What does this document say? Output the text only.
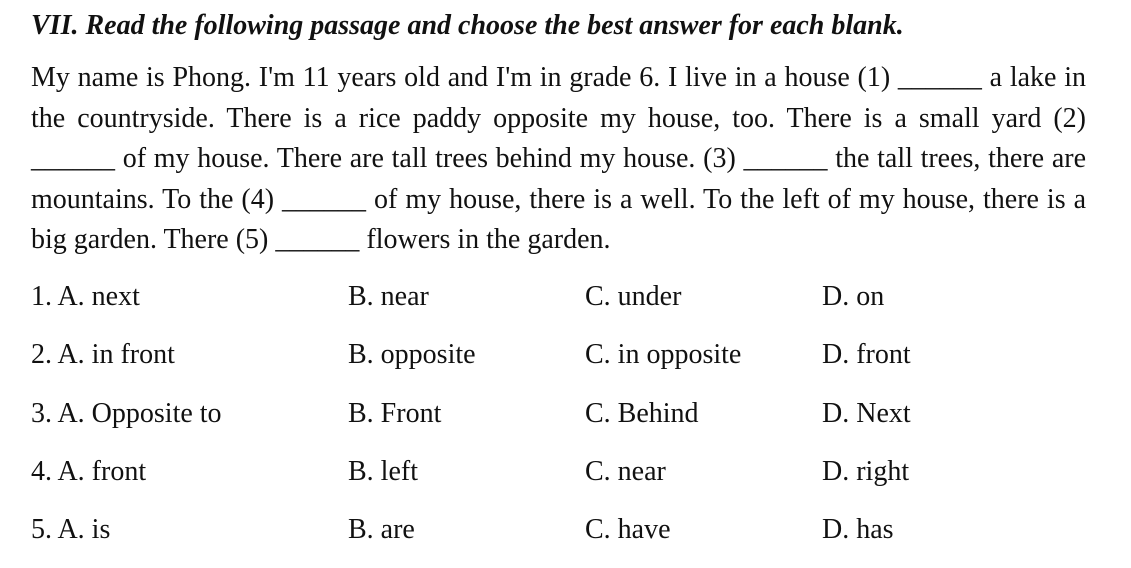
VII. Read the following passage and choose the best answer for each blank.

My name is Phong. I'm 11 years old and I'm in grade 6. I live in a house (1) ______ a lake in the countryside. There is a rice paddy opposite my house, too. There is a small yard (2) ______ of my house. There are tall trees behind my house. (3) ______ the tall trees, there are mountains. To the (4) ______ of my house, there is a well. To the left of my house, there is a big garden. There (5) ______ flowers in the garden.

1. A. next	B. near	C. under	D. on
2. A. in front	B. opposite	C. in opposite	D. front
3. A. Opposite to	B. Front	C. Behind	D. Next
4. A. front	B. left	C. near	D. right
5. A. is	B. are	C. have	D. has
